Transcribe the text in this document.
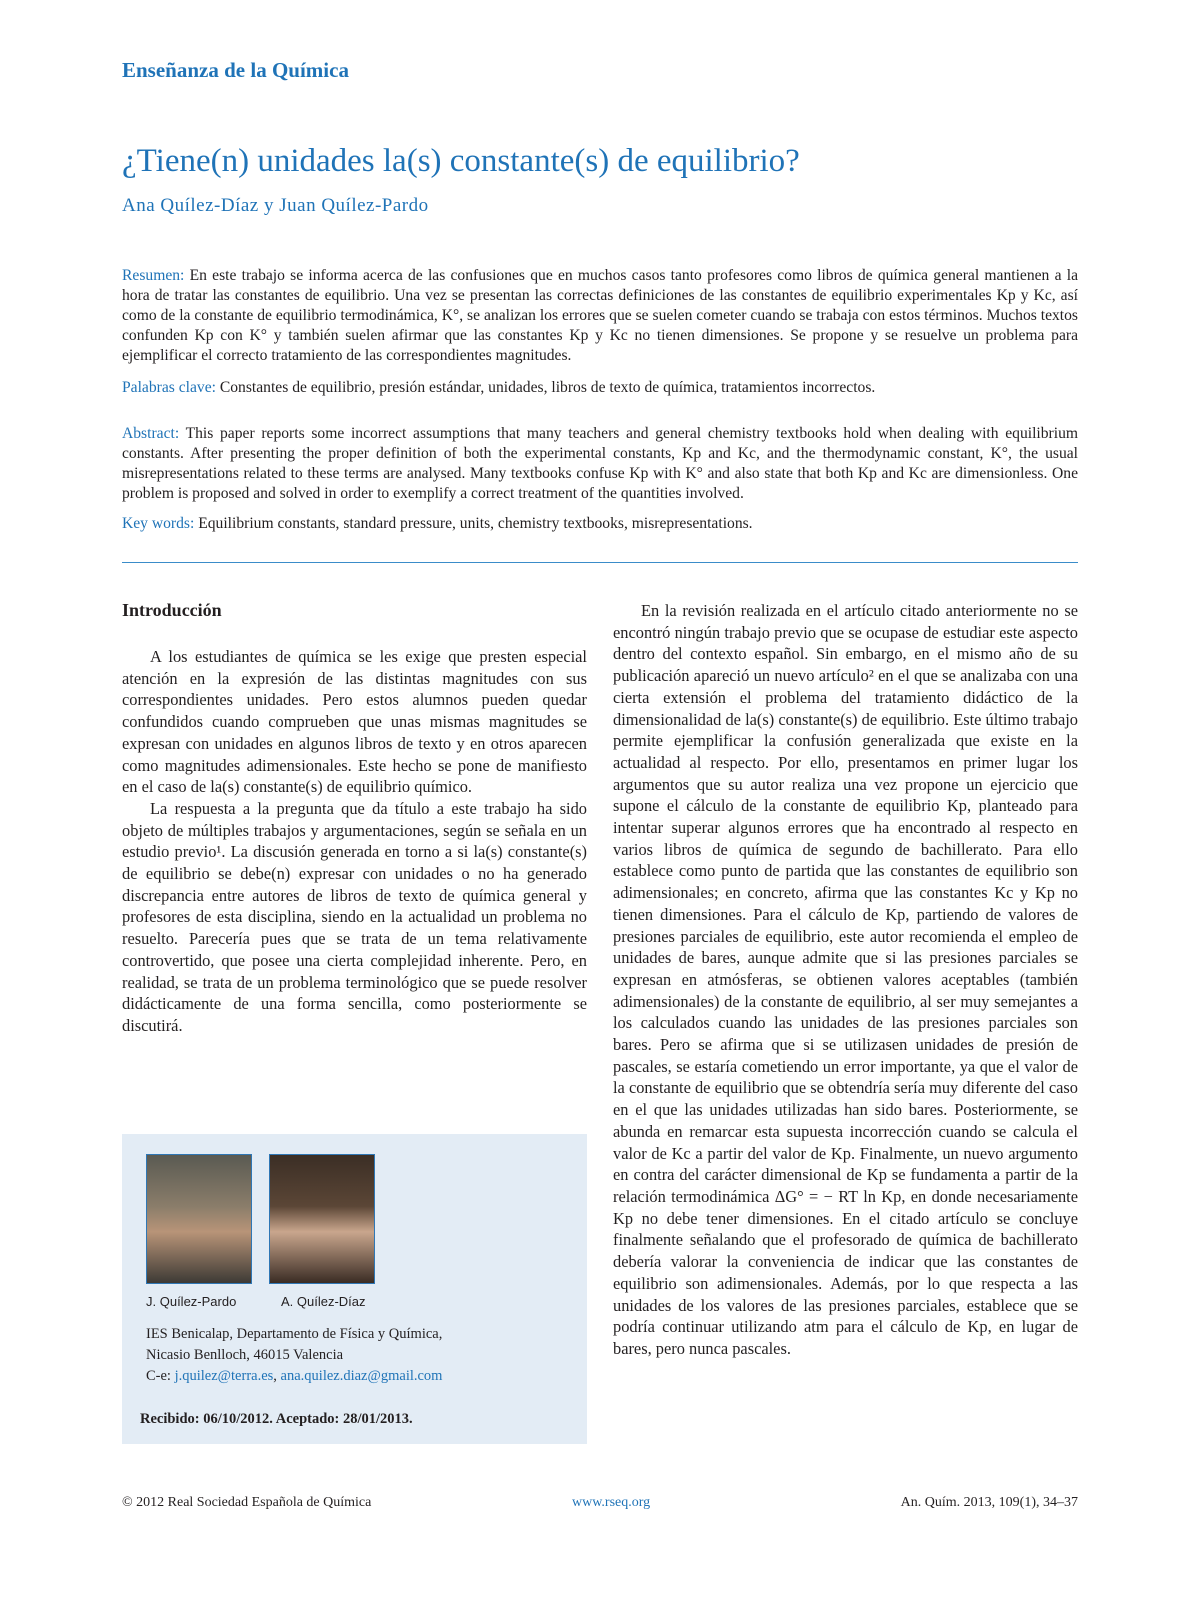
Enseñanza de la Química
¿Tiene(n) unidades la(s) constante(s) de equilibrio?
Ana Quílez-Díaz y Juan Quílez-Pardo
Resumen: En este trabajo se informa acerca de las confusiones que en muchos casos tanto profesores como libros de química general mantienen a la hora de tratar las constantes de equilibrio. Una vez se presentan las correctas definiciones de las constantes de equilibrio experimentales Kp y Kc, así como de la constante de equilibrio termodinámica, K°, se analizan los errores que se suelen cometer cuando se trabaja con estos términos. Muchos textos confunden Kp con K° y también suelen afirmar que las constantes Kp y Kc no tienen dimensiones. Se propone y se resuelve un problema para ejemplificar el correcto tratamiento de las correspondientes magnitudes.
Palabras clave: Constantes de equilibrio, presión estándar, unidades, libros de texto de química, tratamientos incorrectos.
Abstract: This paper reports some incorrect assumptions that many teachers and general chemistry textbooks hold when dealing with equilibrium constants. After presenting the proper definition of both the experimental constants, Kp and Kc, and the thermodynamic constant, K°, the usual misrepresentations related to these terms are analysed. Many textbooks confuse Kp with K° and also state that both Kp and Kc are dimensionless. One problem is proposed and solved in order to exemplify a correct treatment of the quantities involved.
Key words: Equilibrium constants, standard pressure, units, chemistry textbooks, misrepresentations.
Introducción

A los estudiantes de química se les exige que presten especial atención en la expresión de las distintas magnitudes con sus correspondientes unidades. Pero estos alumnos pueden quedar confundidos cuando comprueben que unas mismas magnitudes se expresan con unidades en algunos libros de texto y en otros aparecen como magnitudes adimensionales. Este hecho se pone de manifiesto en el caso de la(s) constante(s) de equilibrio químico.

La respuesta a la pregunta que da título a este trabajo ha sido objeto de múltiples trabajos y argumentaciones, según se señala en un estudio previo¹. La discusión generada en torno a si la(s) constante(s) de equilibrio se debe(n) expresar con unidades o no ha generado discrepancia entre autores de libros de texto de química general y profesores de esta disciplina, siendo en la actualidad un problema no resuelto. Parecería pues que se trata de un tema relativamente controvertido, que posee una cierta complejidad inherente. Pero, en realidad, se trata de un problema terminológico que se puede resolver didácticamente de una forma sencilla, como posteriormente se discutirá.

En la revisión realizada en el artículo citado anteriormente no se encontró ningún trabajo previo que se ocupase de estudiar este aspecto dentro del contexto español. Sin embargo, en el mismo año de su publicación apareció un nuevo artículo² en el que se analizaba con una cierta extensión el problema del tratamiento didáctico de la dimensionalidad de la(s) constante(s) de equilibrio. Este último trabajo permite ejemplificar la confusión generalizada que existe en la actualidad al respecto. Por ello, presentamos en primer lugar los argumentos que su autor realiza una vez propone un ejercicio que supone el cálculo de la constante de equilibrio Kp, planteado para intentar superar algunos errores que ha encontrado al respecto en varios libros de química de segundo de bachillerato. Para ello establece como punto de partida que las constantes de equilibrio son adimensionales; en concreto, afirma que las constantes Kc y Kp no tienen dimensiones. Para el cálculo de Kp, partiendo de valores de presiones parciales de equilibrio, este autor recomienda el empleo de unidades de bares, aunque admite que si las presiones parciales se expresan en atmósferas, se obtienen valores aceptables (también adimensionales) de la constante de equilibrio, al ser muy semejantes a los calculados cuando las unidades de las presiones parciales son bares. Pero se afirma que si se utilizasen unidades de presión de pascales, se estaría cometiendo un error importante, ya que el valor de la constante de equilibrio que se obtendría sería muy diferente del caso en el que las unidades utilizadas han sido bares. Posteriormente, se abunda en remarcar esta supuesta incorrección cuando se calcula el valor de Kc a partir del valor de Kp. Finalmente, un nuevo argumento en contra del carácter dimensional de Kp se fundamenta a partir de la relación termodinámica ΔG° = − RT ln Kp, en donde necesariamente Kp no debe tener dimensiones. En el citado artículo se concluye finalmente señalando que el profesorado de química de bachillerato debería valorar la conveniencia de indicar que las constantes de equilibrio son adimensionales. Además, por lo que respecta a las unidades de los valores de las presiones parciales, establece que se podría continuar utilizando atm para el cálculo de Kp, en lugar de bares, pero nunca pascales.

J. Quílez-Pardo	A. Quílez-Díaz
IES Benicalap, Departamento de Física y Química,
Nicasio Benlloch, 46015 Valencia
C-e: j.quilez@terra.es, ana.quilez.diaz@gmail.com
Recibido: 06/10/2012. Aceptado: 28/01/2013.
© 2012 Real Sociedad Española de Química	www.rseq.org	An. Quím. 2013, 109(1), 34–37
